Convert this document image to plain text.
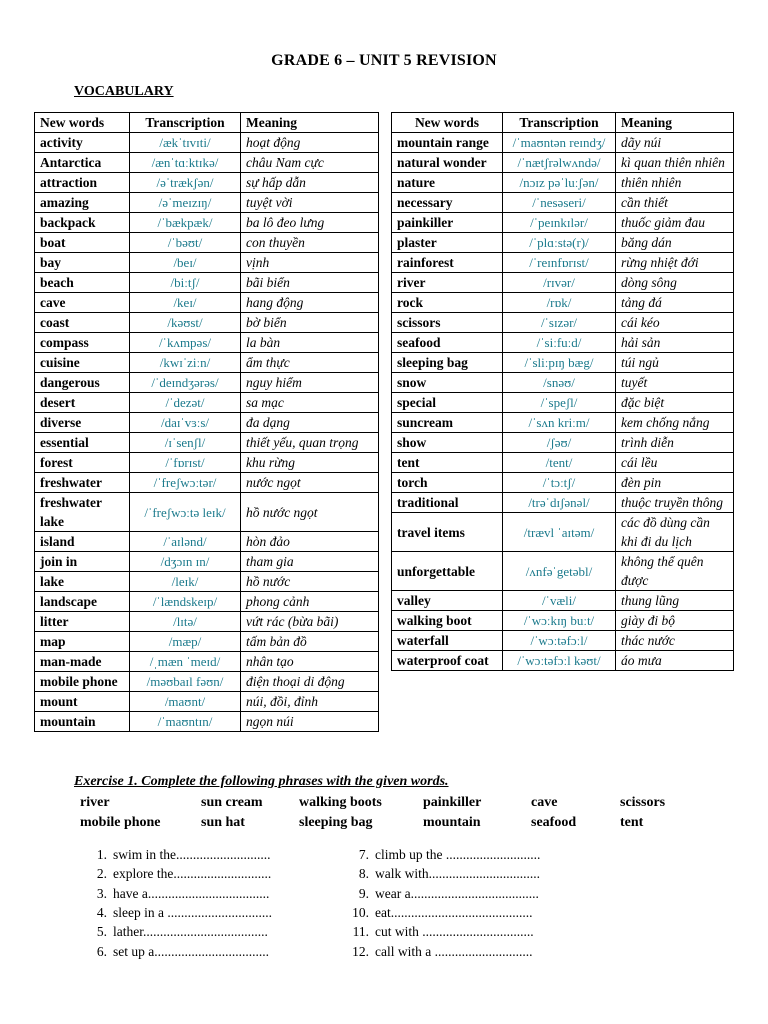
GRADE 6 – UNIT 5 REVISION
VOCABULARY
New words	Transcription	Meaning
activity	/ækˈtɪvɪti/	hoạt động
Antarctica	/ænˈtɑːktɪkə/	châu Nam cực
attraction	/əˈtrækʃən/	sự hấp dẫn
amazing	/əˈmeɪzɪŋ/	tuyệt vời
backpack	/ˈbækpæk/	ba lô đeo lưng
boat	/ˈbəʊt/	con thuyền
bay	/beɪ/	vịnh
beach	/biːtʃ/	bãi biển
cave	/keɪ/	hang động
coast	/kəʊst/	bờ biển
compass	/ˈkʌmpəs/	la bàn
cuisine	/kwɪˈziːn/	ẩm thực
dangerous	/ˈdeɪndʒərəs/	nguy hiểm
desert	/ˈdezət/	sa mạc
diverse	/daɪˈvɜːs/	đa dạng
essential	/ɪˈsenʃl/	thiết yếu, quan trọng
forest	/ˈfɒrɪst/	khu rừng
freshwater	/ˈfreʃwɔːtər/	nước ngọt
freshwater lake	/ˈfreʃwɔːtə leɪk/	hồ nước ngọt
island	/ˈaɪlənd/	hòn đảo
join in	/dʒɔɪn ɪn/	tham gia
lake	/leɪk/	hồ nước
landscape	/ˈlændskeɪp/	phong cảnh
litter	/lɪtə/	vứt rác (bừa bãi)
map	/mæp/	tấm bản đồ
man-made	/ˌmæn ˈmeɪd/	nhân tạo
mobile phone	/məʊbaɪl fəʊn/	điện thoại di động
mount	/maʊnt/	núi, đồi, đỉnh
mountain	/ˈmaʊntɪn/	ngọn núi
New words	Transcription	Meaning
mountain range	/ˈmaʊntən reɪndʒ/	dãy núi
natural wonder	/ˈnætʃrəlwʌndə/	kì quan thiên nhiên
nature	/nɔɪz pəˈluːʃən/	thiên nhiên
necessary	/ˈnesəseri/	cần thiết
painkiller	/ˈpeɪnkɪlər/	thuốc giảm đau
plaster	/ˈplɑːstə(r)/	băng dán
rainforest	/ˈreɪnfɒrɪst/	rừng nhiệt đới
river	/rɪvər/	dòng sông
rock	/rɒk/	tảng đá
scissors	/ˈsɪzər/	cái kéo
seafood	/ˈsiːfuːd/	hải sản
sleeping bag	/ˈsliːpɪŋ bæg/	túi ngủ
snow	/snəʊ/	tuyết
special	/ˈspeʃl/	đặc biệt
suncream	/ˈsʌn kriːm/	kem chống nắng
show	/ʃəʊ/	trình diễn
tent	/tent/	cái lều
torch	/ˈtɔːtʃ/	đèn pin
traditional	/trəˈdɪʃənəl/	thuộc truyền thông
travel items	/trævl ˈaɪtəm/	các đồ dùng cần khi đi du lịch
unforgettable	/ʌnfəˈgetəbl/	không thể quên được
valley	/ˈvæli/	thung lũng
walking boot	/ˈwɔːkɪŋ buːt/	giày đi bộ
waterfall	/ˈwɔːtəfɔːl/	thác nước
waterproof coat	/ˈwɔːtəfɔːl kəʊt/	áo mưa
Exercise 1. Complete the following phrases with the given words.
river	sun cream	walking boots	painkiller	cave	scissors
mobile phone	sun hat	sleeping bag	mountain	seafood	tent
1. swim in the............................
2. explore the.............................
3. have a....................................
4. sleep in a ...............................
5. lather.....................................
6. set up a..................................
7. climb up the ............................
8. walk with.................................
9. wear a......................................
10. eat..........................................
11. cut with .................................
12. call with a .............................
